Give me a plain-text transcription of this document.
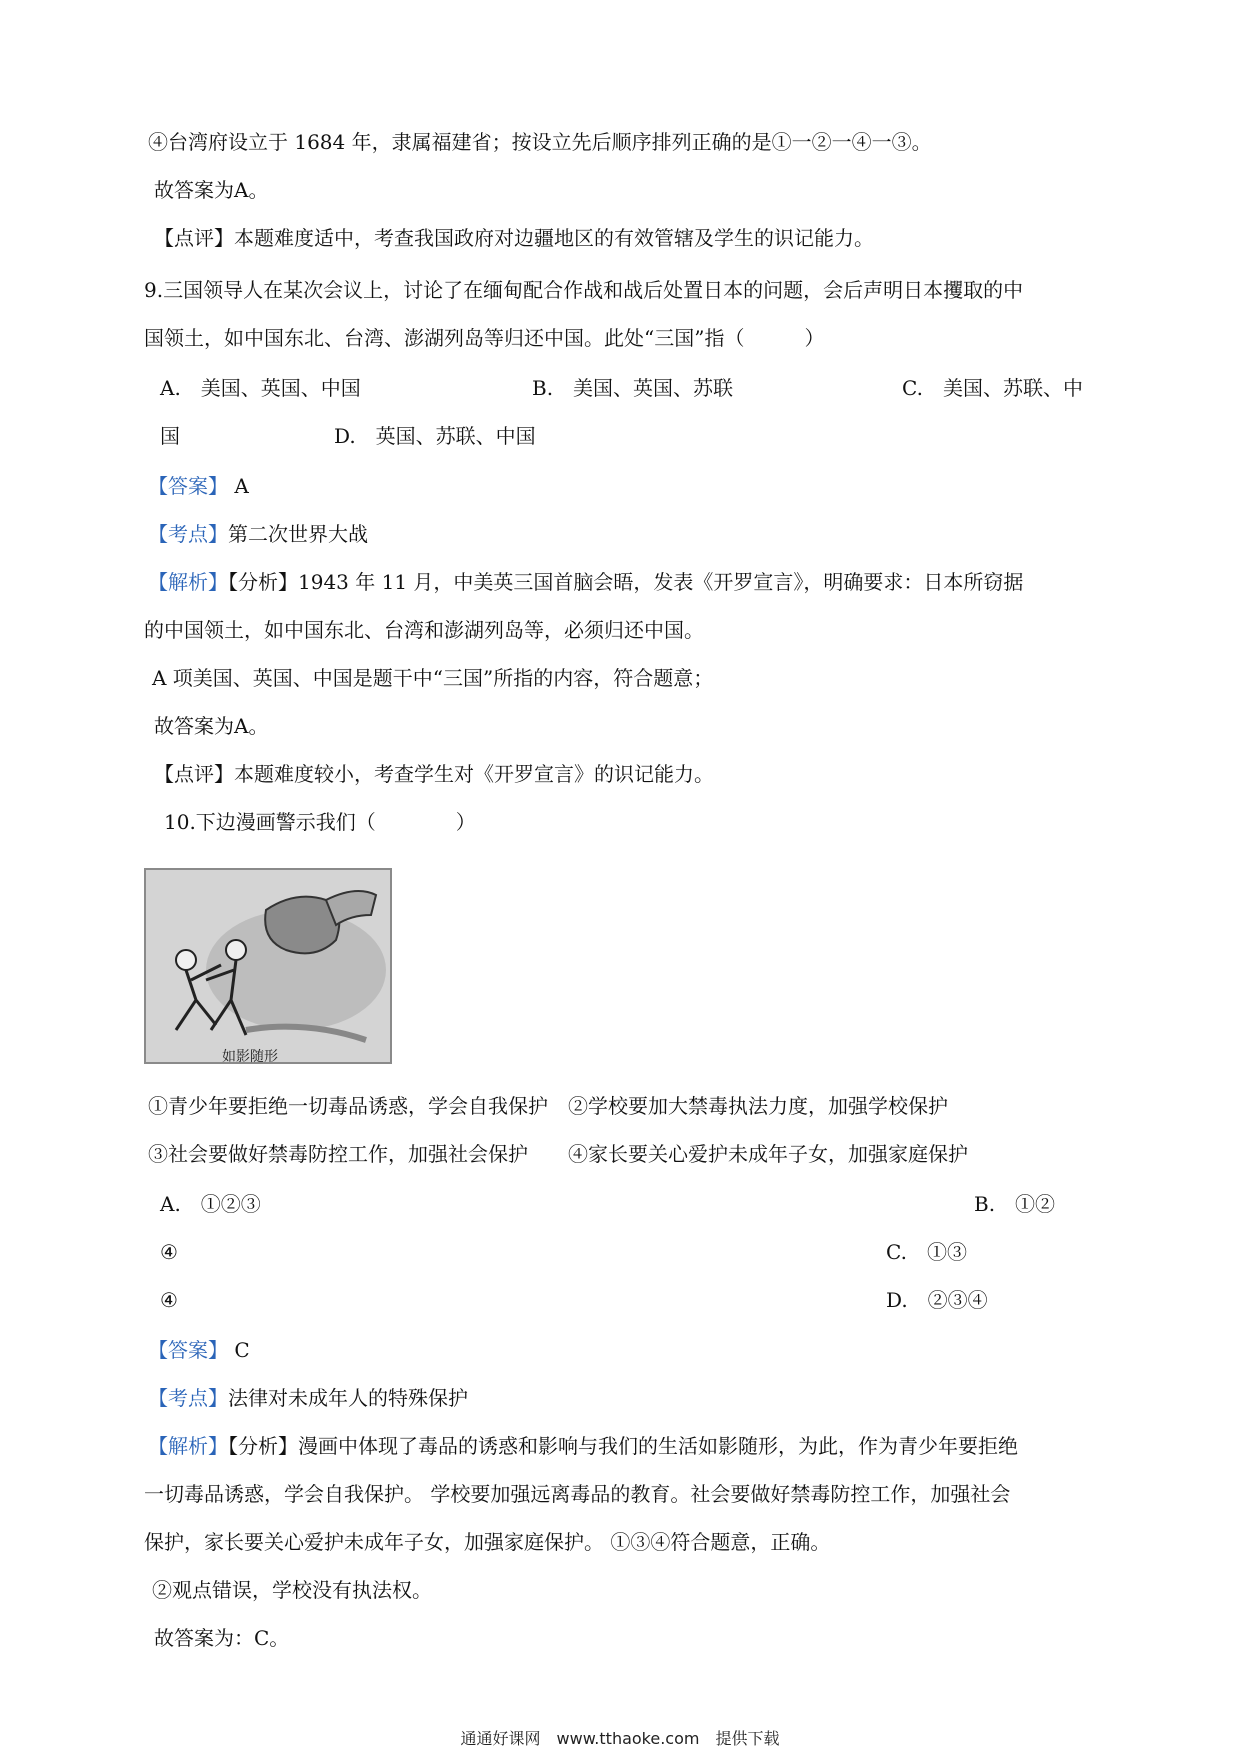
④台湾府设立于 1684 年，隶属福建省；按设立先后顺序排列正确的是①一②一④一③。
故答案为A。
【点评】本题难度适中，考查我国政府对边疆地区的有效管辖及学生的识记能力。
9.三国领导人在某次会议上，讨论了在缅甸配合作战和战后处置日本的问题，会后声明日本攫取的中
国领土，如中国东北、台湾、澎湖列岛等归还中国。此处“三国”指（　　　）
A.　美国、英国、中国	B.　美国、英国、苏联	C.　美国、苏联、中
国	D.　英国、苏联、中国
【答案】 A
【考点】第二次世界大战
【解析】【分析】1943 年 11 月，中美英三国首脑会晤，发表《开罗宣言》，明确要求：日本所窃据
的中国领土，如中国东北、台湾和澎湖列岛等，必须归还中国。
A 项美国、英国、中国是题干中“三国”所指的内容，符合题意；
故答案为A。
【点评】本题难度较小，考查学生对《开罗宣言》的识记能力。
10.下边漫画警示我们（　　　　）
如影随形
①青少年要拒绝一切毒品诱惑，学会自我保护　②学校要加大禁毒执法力度，加强学校保护
③社会要做好禁毒防控工作，加强社会保护　　④家长要关心爱护未成年子女，加强家庭保护
A.　①②③	B.　①②
④	C.　①③
④	D.　②③④
【答案】 C
【考点】法律对未成年人的特殊保护
【解析】【分析】漫画中体现了毒品的诱惑和影响与我们的生活如影随形，为此，作为青少年要拒绝
一切毒品诱惑，学会自我保护。 学校要加强远离毒品的教育。社会要做好禁毒防控工作，加强社会
保护，家长要关心爱护未成年子女，加强家庭保护。 ①③④符合题意，正确。
②观点错误，学校没有执法权。
故答案为：C。
通通好课网　www.tthaoke.com　提供下载
